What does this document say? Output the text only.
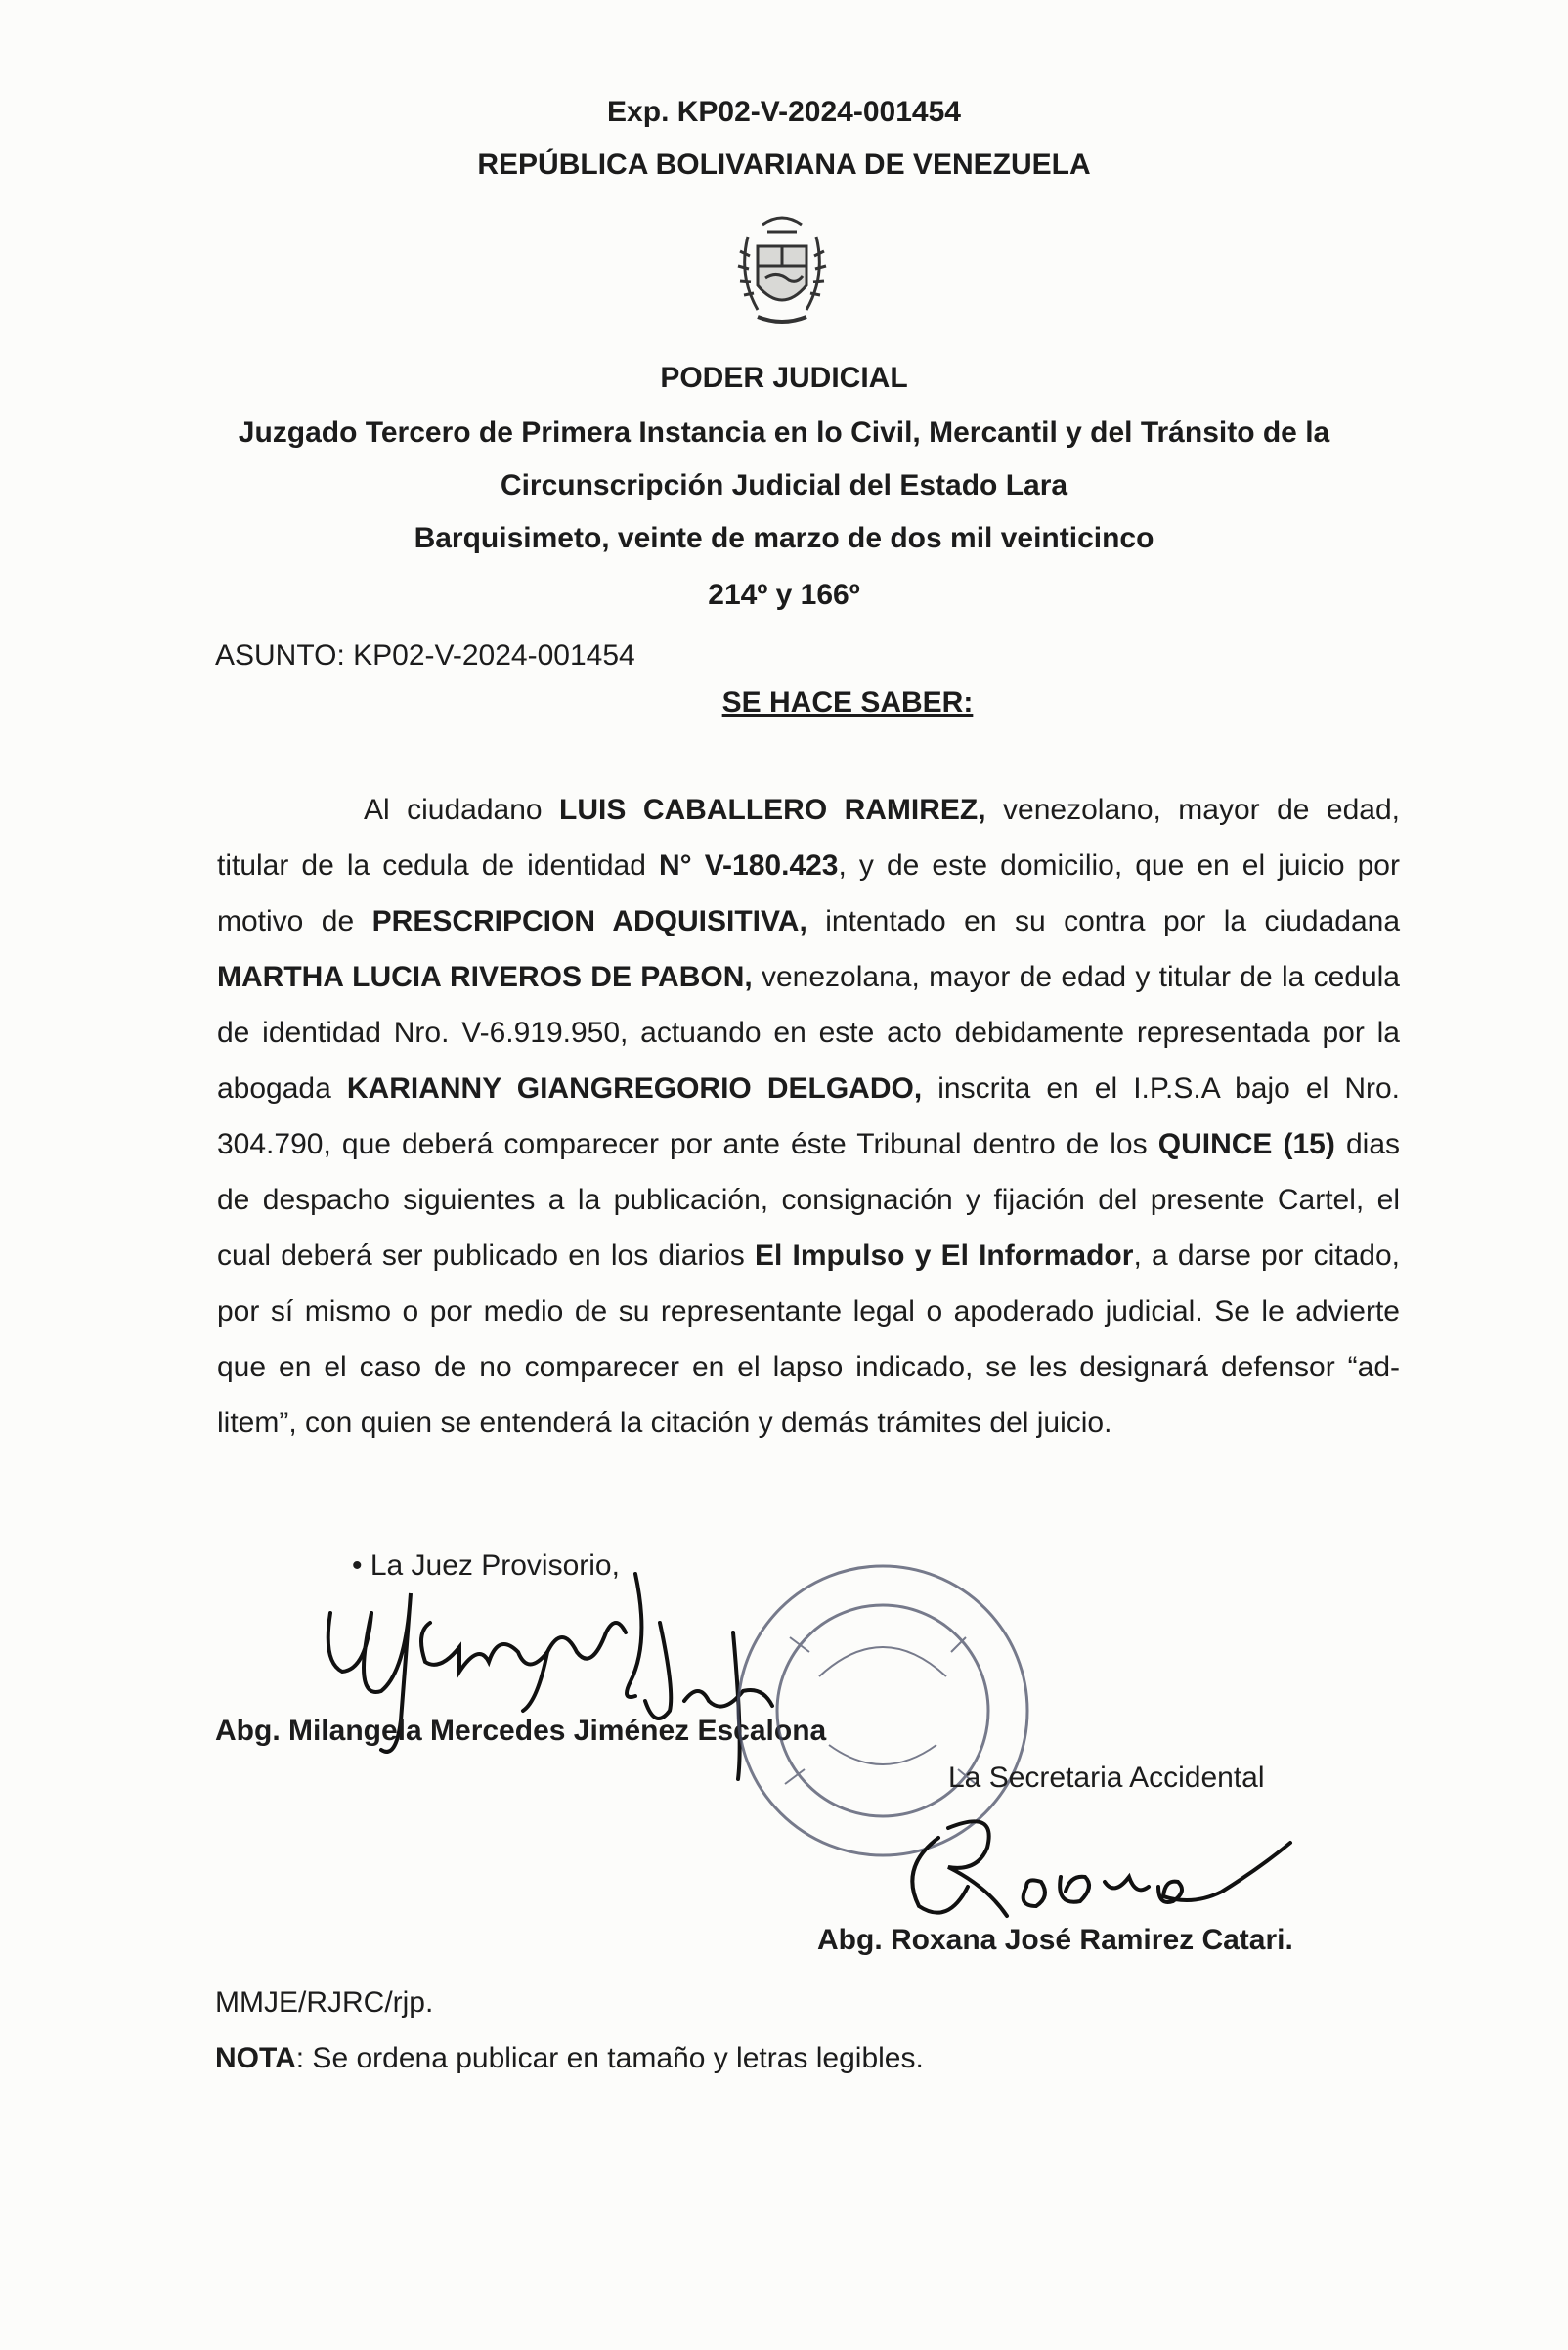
Exp. KP02-V-2024-001454
REPÚBLICA BOLIVARIANA DE VENEZUELA
PODER JUDICIAL
Juzgado Tercero de Primera Instancia en lo Civil, Mercantil y del Tránsito de la
Circunscripción Judicial del Estado Lara
Barquisimeto, veinte de marzo de dos mil veinticinco
214º y 166º
ASUNTO: KP02-V-2024-001454
SE HACE SABER:

Al ciudadano LUIS CABALLERO RAMIREZ, venezolano, mayor de edad, titular de la cedula de identidad N° V-180.423, y de este domicilio, que en el juicio por motivo de PRESCRIPCION ADQUISITIVA, intentado en su contra por la ciudadana MARTHA LUCIA RIVEROS DE PABON, venezolana, mayor de edad y titular de la cedula de identidad Nro. V-6.919.950, actuando en este acto debidamente representada por la abogada KARIANNY GIANGREGORIO DELGADO, inscrita en el I.P.S.A bajo el Nro. 304.790, que deberá comparecer por ante éste Tribunal dentro de los QUINCE (15) dias de despacho siguientes a la publicación, consignación y fijación del presente Cartel, el cual deberá ser publicado en los diarios El Impulso y El Informador, a darse por citado, por sí mismo o por medio de su representante legal o apoderado judicial. Se le advierte que en el caso de no comparecer en el lapso indicado, se les designará defensor “ad-litem”, con quien se entenderá la citación y demás trámites del juicio.

• La Juez Provisorio,
Abg. Milangela Mercedes Jiménez Escalona
La Secretaria Accidental
Abg. Roxana José Ramirez Catari.
MMJE/RJRC/rjp.
NOTA: Se ordena publicar en tamaño y letras legibles.
